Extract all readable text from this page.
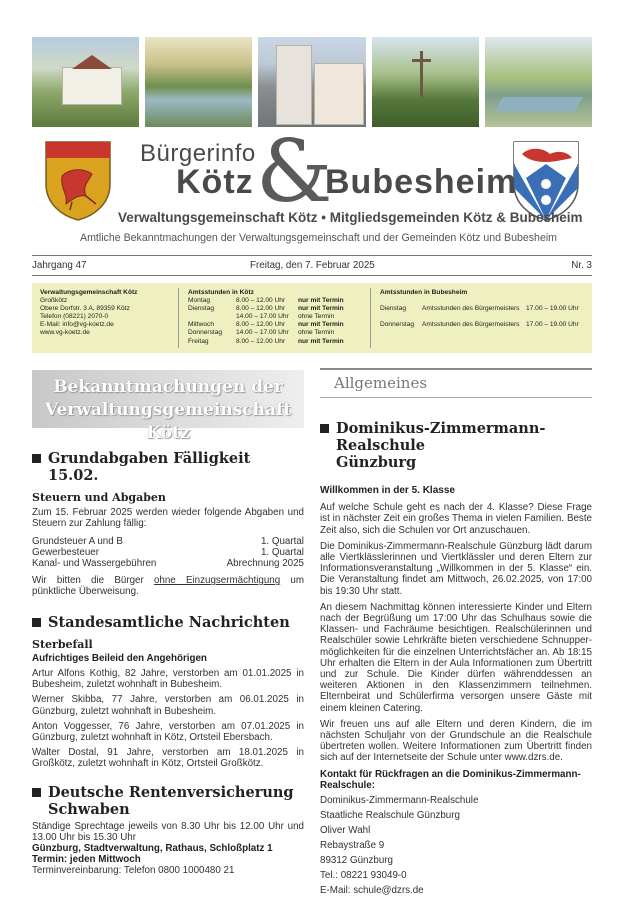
Bürgerinfo
Kötz &
Bubesheim
Verwaltungsgemeinschaft Kötz • Mitgliedsgemeinden Kötz & Bubesheim
Amtliche Bekanntmachungen der Verwaltungsgemeinschaft und der Gemeinden Kötz und Bubesheim
Jahrgang 47	Freitag, den 7. Februar 2025	Nr. 3
Verwaltungsgemeinschaft Kötz
Großkötz
Obere Dorfstr. 3 A, 89359 Kötz
Telefon (08221) 2070-0
E-Mail: info@vg-koetz.de
www.vg-koetz.de
Amtsstunden in Kötz
Montag	8.00 – 12.00 Uhr	nur mit Termin
Dienstag	8.00 – 12.00 Uhr	nur mit Termin
14.00 – 17.00 Uhr	ohne Termin
Mittwoch	8.00 – 12.00 Uhr	nur mit Termin
Donnerstag	14.00 – 17.00 Uhr	ohne Termin
Freitag	8.00 – 12.00 Uhr	nur mit Termin
Amtsstunden in Bubesheim
Dienstag	Amtsstunden des Bürgermeisters 17.00 – 19.00 Uhr
Donnerstag	Amtsstunden des Bürgermeisters 17.00 – 19.00 Uhr
Bekanntmachungen der
Verwaltungsgemeinschaft Kötz
Allgemeines
Grundabgaben Fälligkeit 15.02.
Steuern und Abgaben

Zum 15. Februar 2025 werden wieder folgende Abgaben und Steuern zur Zahlung fällig:

Grundsteuer A und B	1. Quartal
Gewerbesteuer	1. Quartal
Kanal- und Wassergebühren	Abrechnung 2025

Wir bitten die Bürger ohne Einzugsermächtigung um pünktliche Überweisung.

Standesamtliche Nachrichten
Sterbefall
Aufrichtiges Beileid den Angehörigen

Artur Alfons Kothig, 82 Jahre, verstorben am 01.01.2025 in Bubesheim, zuletzt wohnhaft in Bubesheim.

Werner Skibba, 77 Jahre, verstorben am 06.01.2025 in Günzburg, zuletzt wohnhaft in Bubesheim.

Anton Voggesser, 76 Jahre, verstorben am 07.01.2025 in Günzburg, zuletzt wohnhaft in Kötz, Ortsteil Ebersbach.

Walter Dostal, 91 Jahre, verstorben am 18.01.2025 in Großkötz, zuletzt wohnhaft in Kötz, Ortsteil Großkötz.

Deutsche Rentenversicherung
Schwaben

Ständige Sprechtage jeweils von 8.30 Uhr bis 12.00 Uhr und 13.00 Uhr bis 15.30 Uhr

Günzburg, Stadtverwaltung, Rathaus, Schloßplatz 1
Termin: jeden Mittwoch

Terminvereinbarung: Telefon 0800 1000480 21

Dominikus-Zimmermann-Realschule
Günzburg
Willkommen in der 5. Klasse

Auf welche Schule geht es nach der 4. Klasse? Diese Frage ist in nächster Zeit ein großes Thema in vielen Familien. Beste Zeit also, sich die Schulen vor Ort anzuschauen.

Die Dominikus-Zimmermann-Realschule Günzburg lädt darum alle Viertklässlerinnen und Viertklässler und deren Eltern zur Informationsveranstaltung „Willkommen in der 5. Klasse“ ein. Die Veranstaltung findet am Mittwoch, 26.02.2025, von 17:00 bis 19:30 Uhr statt.

An diesem Nachmittag können interessierte Kinder und Eltern nach der Begrüßung um 17:00 Uhr das Schulhaus sowie die Klassen- und Fachräume besichtigen. Realschülerinnen und Realschüler sowie Lehrkräfte bieten verschiedene Schnuppermöglichkeiten für die einzelnen Unterrichtsfächer an. Ab 18:15 Uhr erhalten die Eltern in der Aula Informationen zum Übertritt und zur Schule. Die Kinder dürfen währenddessen an weiteren Aktionen in den Klassenzimmern teilnehmen. Elternbeirat und Schülerfirma versorgen unsere Gäste mit einem kleinen Catering.

Wir freuen uns auf alle Eltern und deren Kindern, die im nächsten Schuljahr von der Grundschule an die Realschule übertreten wollen. Weitere Informationen zum Übertritt finden sich auf der Internetseite der Schule unter www.dzrs.de.

Kontakt für Rückfragen an die Dominikus-Zimmermann-Realschule:
Dominikus-Zimmermann-Realschule
Staatliche Realschule Günzburg
Oliver Wahl
Rebaystraße 9
89312 Günzburg
Tel.: 08221 93049-0
E-Mail: schule@dzrs.de
